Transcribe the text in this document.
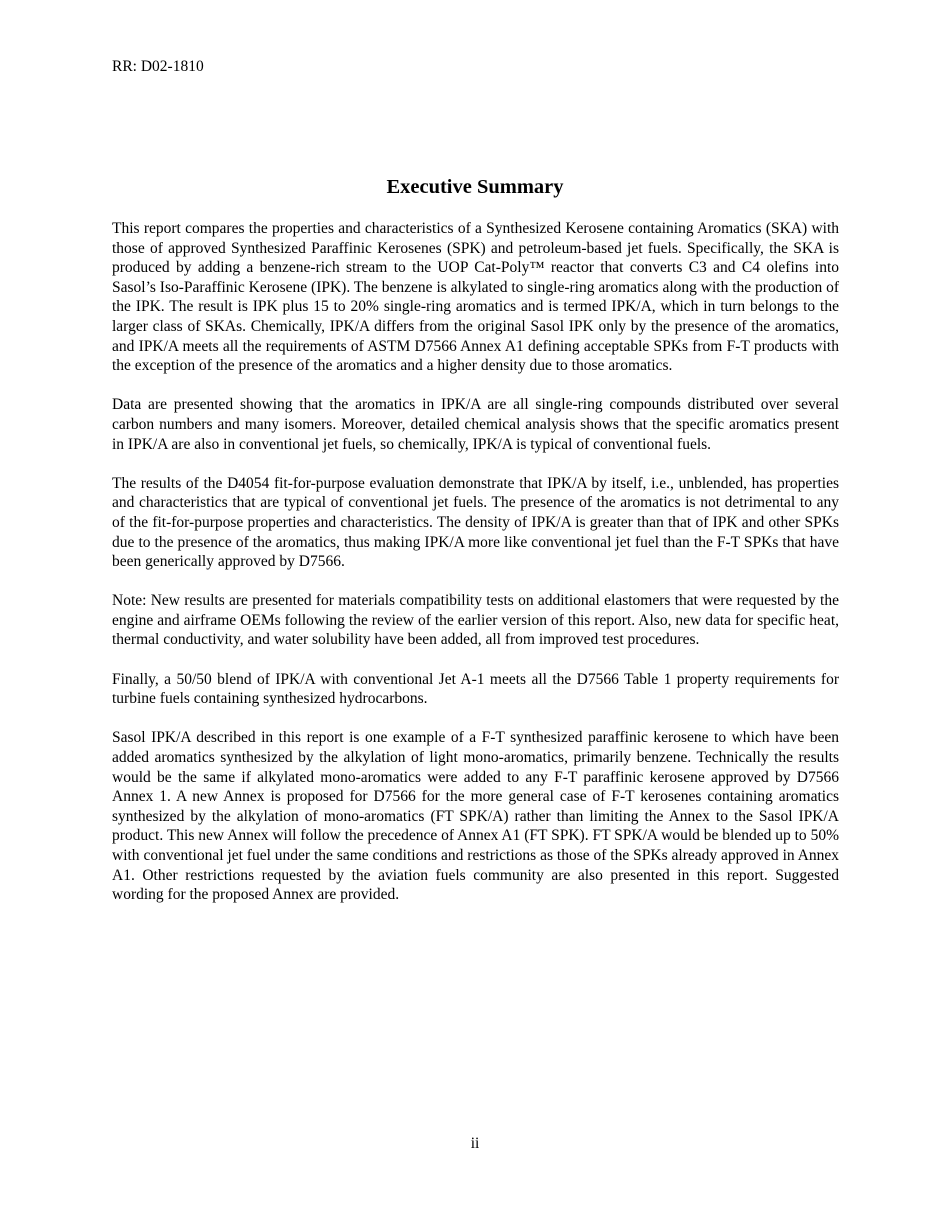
RR: D02-1810
Executive Summary

This report compares the properties and characteristics of a Synthesized Kerosene containing Aromatics (SKA) with those of approved Synthesized Paraffinic Kerosenes (SPK) and petroleum-based jet fuels. Specifically, the SKA is produced by adding a benzene-rich stream to the UOP Cat-Poly™ reactor that converts C3 and C4 olefins into Sasol’s Iso-Paraffinic Kerosene (IPK). The benzene is alkylated to single-ring aromatics along with the production of the IPK. The result is IPK plus 15 to 20% single-ring aromatics and is termed IPK/A, which in turn belongs to the larger class of SKAs. Chemically, IPK/A differs from the original Sasol IPK only by the presence of the aromatics, and IPK/A meets all the requirements of ASTM D7566 Annex A1 defining acceptable SPKs from F-T products with the exception of the presence of the aromatics and a higher density due to those aromatics.

Data are presented showing that the aromatics in IPK/A are all single-ring compounds distributed over several carbon numbers and many isomers. Moreover, detailed chemical analysis shows that the specific aromatics present in IPK/A are also in conventional jet fuels, so chemically, IPK/A is typical of conventional fuels.

The results of the D4054 fit-for-purpose evaluation demonstrate that IPK/A by itself, i.e., unblended, has properties and characteristics that are typical of conventional jet fuels. The presence of the aromatics is not detrimental to any of the fit-for-purpose properties and characteristics. The density of IPK/A is greater than that of IPK and other SPKs due to the presence of the aromatics, thus making IPK/A more like conventional jet fuel than the F-T SPKs that have been generically approved by D7566.

Note: New results are presented for materials compatibility tests on additional elastomers that were requested by the engine and airframe OEMs following the review of the earlier version of this report. Also, new data for specific heat, thermal conductivity, and water solubility have been added, all from improved test procedures.

Finally, a 50/50 blend of IPK/A with conventional Jet A-1 meets all the D7566 Table 1 property requirements for turbine fuels containing synthesized hydrocarbons.

Sasol IPK/A described in this report is one example of a F-T synthesized paraffinic kerosene to which have been added aromatics synthesized by the alkylation of light mono-aromatics, primarily benzene. Technically the results would be the same if alkylated mono-aromatics were added to any F-T paraffinic kerosene approved by D7566 Annex 1. A new Annex is proposed for D7566 for the more general case of F-T kerosenes containing aromatics synthesized by the alkylation of mono-aromatics (FT SPK/A) rather than limiting the Annex to the Sasol IPK/A product. This new Annex will follow the precedence of Annex A1 (FT SPK). FT SPK/A would be blended up to 50% with conventional jet fuel under the same conditions and restrictions as those of the SPKs already approved in Annex A1. Other restrictions requested by the aviation fuels community are also presented in this report. Suggested wording for the proposed Annex are provided.

ii
